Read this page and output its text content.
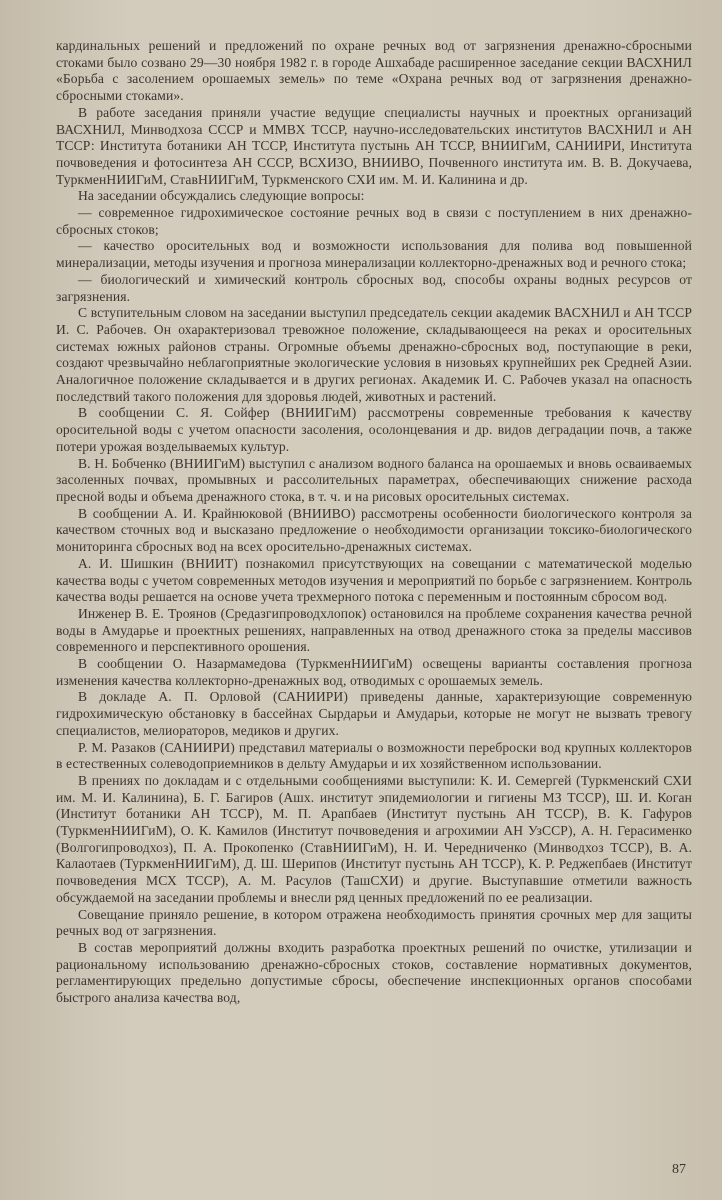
кардинальных решений и предложений по охране речных вод от загрязнения дренажно-сбросными стоками было созвано 29—30 ноября 1982 г. в городе Ашхабаде расширенное заседание секции ВАСХНИЛ «Борьба с засолением орошаемых земель» по теме «Охрана речных вод от загрязнения дренажно-сбросными стоками».

В работе заседания приняли участие ведущие специалисты научных и проектных организаций ВАСХНИЛ, Минводхоза СССР и ММВХ ТССР, научно-исследовательских институтов ВАСХНИЛ и АН ТССР: Института ботаники АН ТССР, Института пустынь АН ТССР, ВНИИГиМ, САНИИРИ, Института почвоведения и фотосинтеза АН СССР, ВСХИЗО, ВНИИВО, Почвенного института им. В. В. Докучаева, ТуркменНИИГиМ, СтавНИИГиМ, Туркменского СХИ им. М. И. Калинина и др.

На заседании обсуждались следующие вопросы:

— современное гидрохимическое состояние речных вод в связи с поступлением в них дренажно-сбросных стоков;

— качество оросительных вод и возможности использования для полива вод повышенной минерализации, методы изучения и прогноза минерализации коллекторно-дренажных вод и речного стока;

— биологический и химический контроль сбросных вод, способы охраны водных ресурсов от загрязнения.

С вступительным словом на заседании выступил председатель секции академик ВАСХНИЛ и АН ТССР И. С. Рабочев. Он охарактеризовал тревожное положение, складывающееся на реках и оросительных системах южных районов страны. Огромные объемы дренажно-сбросных вод, поступающие в реки, создают чрезвычайно неблагоприятные экологические условия в низовьях крупнейших рек Средней Азии. Аналогичное положение складывается и в других регионах. Академик И. С. Рабочев указал на опасность последствий такого положения для здоровья людей, животных и растений.

В сообщении С. Я. Сойфер (ВНИИГиМ) рассмотрены современные требования к качеству оросительной воды с учетом опасности засоления, осолонцевания и др. видов деградации почв, а также потери урожая возделываемых культур.

В. Н. Бобченко (ВНИИГиМ) выступил с анализом водного баланса на орошаемых и вновь осваиваемых засоленных почвах, промывных и рассолительных параметрах, обеспечивающих снижение расхода пресной воды и объема дренажного стока, в т. ч. и на рисовых оросительных системах.

В сообщении А. И. Крайнюковой (ВНИИВО) рассмотрены особенности биологического контроля за качеством сточных вод и высказано предложение о необходимости организации токсико-биологического мониторинга сбросных вод на всех оросительно-дренажных системах.

А. И. Шишкин (ВНИИТ) познакомил присутствующих на совещании с математической моделью качества воды с учетом современных методов изучения и мероприятий по борьбе с загрязнением. Контроль качества воды решается на основе учета трехмерного потока с переменным и постоянным сбросом вод.

Инженер В. Е. Троянов (Средазгипроводхлопок) остановился на проблеме сохранения качества речной воды в Амударье и проектных решениях, направленных на отвод дренажного стока за пределы массивов современного и перспективного орошения.

В сообщении О. Назармамедова (ТуркменНИИГиМ) освещены варианты составления прогноза изменения качества коллекторно-дренажных вод, отводимых с орошаемых земель.

В докладе А. П. Орловой (САНИИРИ) приведены данные, характеризующие современную гидрохимическую обстановку в бассейнах Сырдарьи и Амударьи, которые не могут не вызвать тревогу специалистов, мелиораторов, медиков и других.

Р. М. Разаков (САНИИРИ) представил материалы о возможности переброски вод крупных коллекторов в естественных солеводоприемников в дельту Амударьи и их хозяйственном использовании.

В прениях по докладам и с отдельными сообщениями выступили: К. И. Семергей (Туркменский СХИ им. М. И. Калинина), Б. Г. Багиров (Ашх. институт эпидемиологии и гигиены МЗ ТССР), Ш. И. Коган (Институт ботаники АН ТССР), М. П. Арапбаев (Институт пустынь АН ТССР), В. К. Гафуров (ТуркменНИИГиМ), О. К. Камилов (Институт почвоведения и агрохимии АН УзССР), А. Н. Герасименко (Волгогипроводхоз), П. А. Прокопенко (СтавНИИГиМ), Н. И. Чередниченко (Минводхоз ТССР), В. А. Калаотаев (ТуркменНИИГиМ), Д. Ш. Шерипов (Институт пустынь АН ТССР), К. Р. Реджепбаев (Институт почвоведения МСХ ТССР), А. М. Расулов (ТашСХИ) и другие. Выступавшие отметили важность обсуждаемой на заседании проблемы и внесли ряд ценных предложений по ее реализации.

Совещание приняло решение, в котором отражена необходимость принятия срочных мер для защиты речных вод от загрязнения.

В состав мероприятий должны входить разработка проектных решений по очистке, утилизации и рациональному использованию дренажно-сбросных стоков, составление нормативных документов, регламентирующих предельно допустимые сбросы, обеспечение инспекционных органов способами быстрого анализа качества вод,

87
